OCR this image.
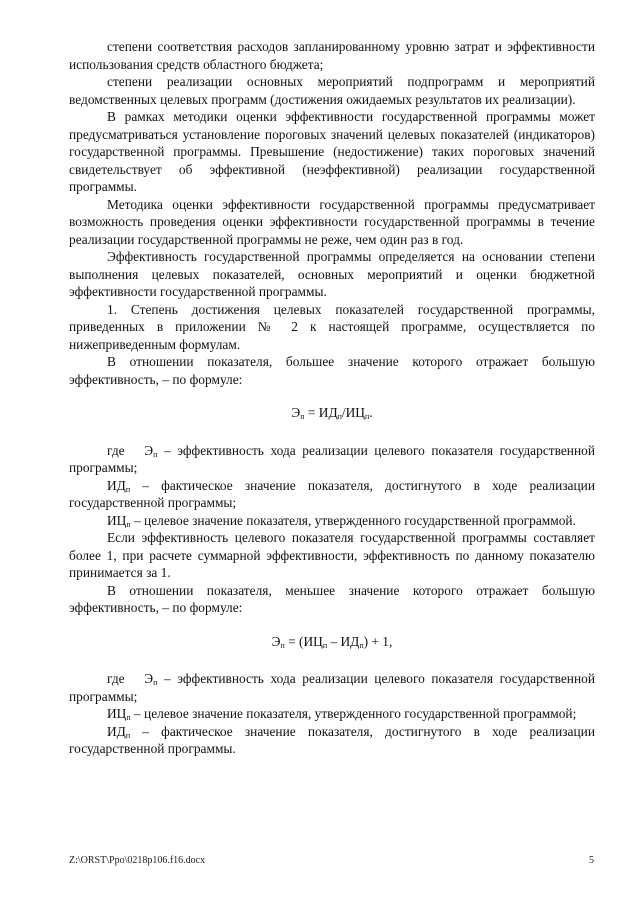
степени соответствия расходов запланированному уровню затрат и эффективности использования средств областного бюджета;

степени реализации основных мероприятий подпрограмм и мероприятий ведомственных целевых программ (достижения ожидаемых результатов их реализации).

В рамках методики оценки эффективности государственной программы может предусматриваться установление пороговых значений целевых показателей (индикаторов) государственной программы. Превышение (недостижение) таких пороговых значений свидетельствует об эффективной (неэффективной) реализации государственной программы.

Методика оценки эффективности государственной программы предусматривает возможность проведения оценки эффективности государственной программы в течение реализации государственной программы не реже, чем один раз в год.

Эффективность государственной программы определяется на основании степени выполнения целевых показателей, основных мероприятий и оценки бюджетной эффективности государственной программы.

1. Степень достижения целевых показателей государственной программы, приведенных в приложении № 2 к настоящей программе, осуществляется по нижеприведенным формулам.

В отношении показателя, большее значение которого отражает большую эффективность, – по формуле:

$Э_п = ИД_п/ИЦ_п$.

где $Э_п$ – эффективность хода реализации целевого показателя государственной программы;

$ИД_п$ – фактическое значение показателя, достигнутого в ходе реализации государственной программы;

$ИЦ_п$ – целевое значение показателя, утвержденного государственной программой.

Если эффективность целевого показателя государственной программы составляет более 1, при расчете суммарной эффективности, эффективность по данному показателю принимается за 1.

В отношении показателя, меньшее значение которого отражает большую эффективность, – по формуле:

$Э_п = (ИЦ_п - ИД_п) + 1$,

где $Э_п$ – эффективность хода реализации целевого показателя государственной программы;

$ИЦ_п$ – целевое значение показателя, утвержденного государственной программой;

$ИД_п$ – фактическое значение показателя, достигнутого в ходе реализации государственной программы.

Z:\ORST\Ppo\0218p106.f16.docx	5
